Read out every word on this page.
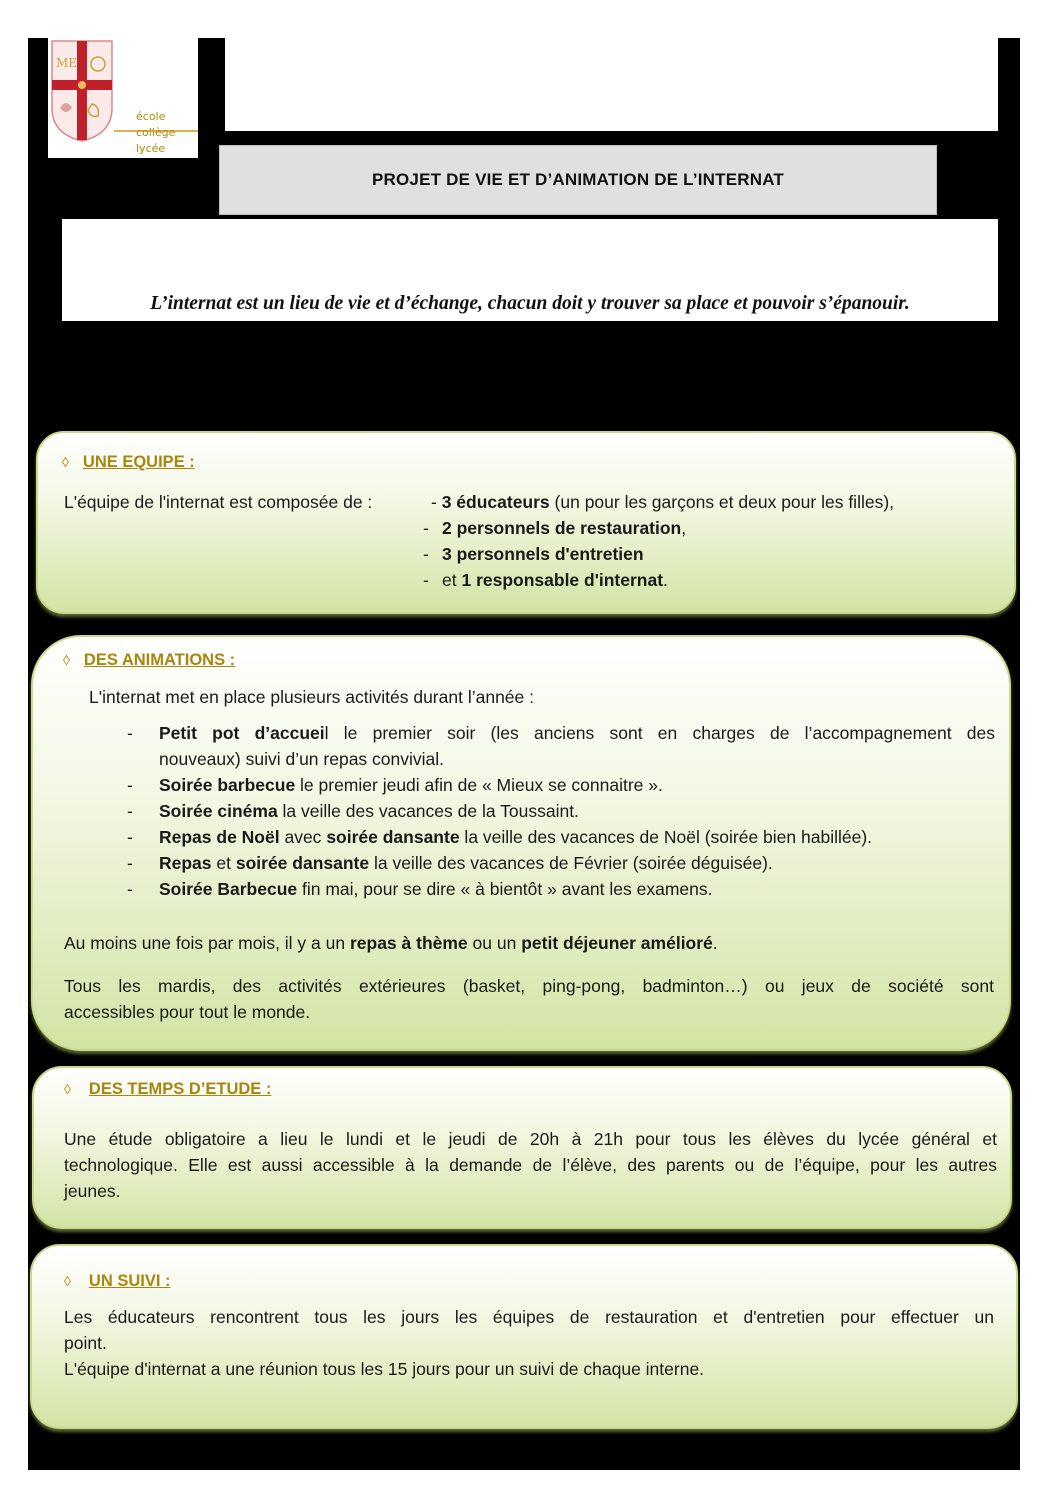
ME
école
collège
lycée
PROJET DE VIE ET D’ANIMATION DE L’INTERNAT
L’internat est un lieu de vie et d’échange, chacun doit y trouver sa place et pouvoir s’épanouir.
◊ UNE EQUIPE :
L'équipe de l'internat est composée de :	- 3 éducateurs (un pour les garçons et deux pour les filles),
- 2 personnels de restauration,
- 3 personnels d'entretien
- et 1 responsable d'internat.
◊ DES ANIMATIONS :
L'internat met en place plusieurs activités durant l’année :
- Petit pot d’accueil le premier soir (les anciens sont en charges de l’accompagnement des
nouveaux) suivi d’un repas convivial.
- Soirée barbecue le premier jeudi afin de « Mieux se connaitre ».
- Soirée cinéma la veille des vacances de la Toussaint.
- Repas de Noël avec soirée dansante la veille des vacances de Noël (soirée bien habillée).
- Repas et soirée dansante la veille des vacances de Février (soirée déguisée).
- Soirée Barbecue fin mai, pour se dire « à bientôt » avant les examens.
Au moins une fois par mois, il y a un repas à thème ou un petit déjeuner amélioré.
Tous les mardis, des activités extérieures (basket, ping-pong, badminton…) ou jeux de société sont
accessibles pour tout le monde.
◊ DES TEMPS D’ETUDE :
Une étude obligatoire a lieu le lundi et le jeudi de 20h à 21h pour tous les élèves du lycée général et
technologique. Elle est aussi accessible à la demande de l’élève, des parents ou de l’équipe, pour les autres
jeunes.
◊ UN SUIVI :
Les éducateurs rencontrent tous les jours les équipes de restauration et d'entretien pour effectuer un
point.
L'équipe d'internat a une réunion tous les 15 jours pour un suivi de chaque interne.
